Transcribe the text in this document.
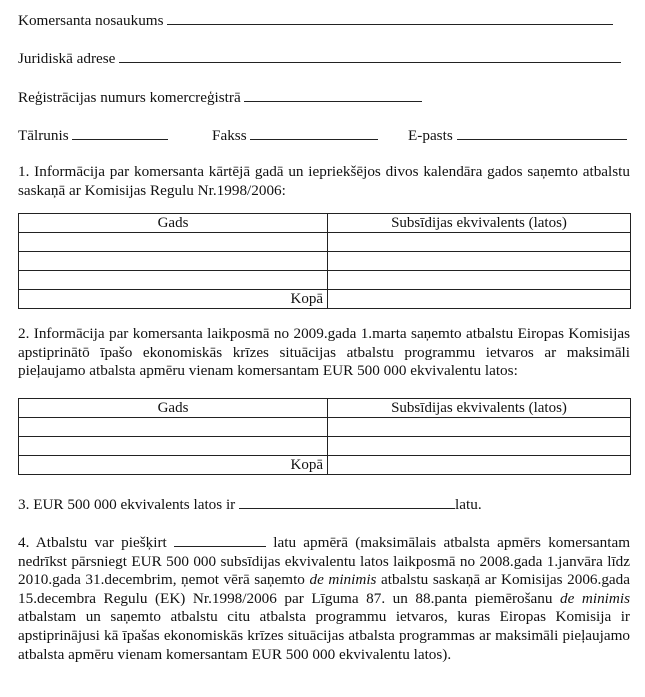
Komersanta nosaukums
Juridiskā adrese
Reģistrācijas numurs komercreģistrā
Tālrunis	Fakss	E-pasts
1. Informācija par komersanta kārtējā gadā un iepriekšējos divos kalendāra gados saņemto atbalstu saskaņā ar Komisijas Regulu Nr.1998/2006:
Gads	Subsīdijas ekvivalents (latos)

Kopā	
2. Informācija par komersanta laikposmā no 2009.gada 1.marta saņemto atbalstu Eiropas Komisijas apstiprinātō īpašo ekonomiskās krīzes situācijas atbalstu programmu ietvaros ar maksimāli pieļaujamo atbalsta apmēru vienam komersantam EUR 500 000 ekvivalentu latos:
Gads	Subsīdijas ekvivalents (latos)

Kopā	
3. EUR 500 000 ekvivalents latos ir	latu.
4. Atbalstu var piešķirt	latu apmērā (maksimālais atbalsta apmērs komersantam nedrīkst pārsniegt EUR 500 000 subsīdijas ekvivalentu latos laikposmā no 2008.gada 1.janvāra līdz 2010.gada 31.decembrim, ņemot vērā saņemto de minimis atbalstu saskaņā ar Komisijas 2006.gada 15.decembra Regulu (EK) Nr.1998/2006 par Līguma 87. un 88.panta piemērošanu de minimis atbalstam un saņemto atbalstu citu atbalsta programmu ietvaros, kuras Eiropas Komisija ir apstiprinājusi kā īpašas ekonomiskās krīzes situācijas atbalsta programmas ar maksimāli pieļaujamo atbalsta apmēru vienam komersantam EUR 500 000 ekvivalentu latos).
